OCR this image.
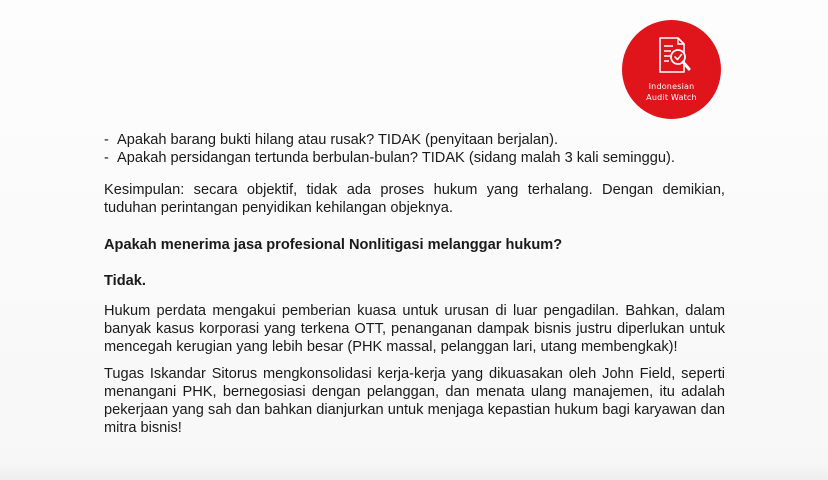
Indonesian
Audit Watch
- Apakah barang bukti hilang atau rusak? TIDAK (penyitaan berjalan).
- Apakah persidangan tertunda berbulan-bulan? TIDAK (sidang malah 3 kali seminggu).

Kesimpulan: secara objektif, tidak ada proses hukum yang terhalang. Dengan demikian, tuduhan perintangan penyidikan kehilangan objeknya.

Apakah menerima jasa profesional Nonlitigasi melanggar hukum?

Tidak.

Hukum perdata mengakui pemberian kuasa untuk urusan di luar pengadilan. Bahkan, dalam banyak kasus korporasi yang terkena OTT, penanganan dampak bisnis justru diperlukan untuk mencegah kerugian yang lebih besar (PHK massal, pelanggan lari, utang membengkak)!

Tugas Iskandar Sitorus mengkonsolidasi kerja-kerja yang dikuasakan oleh John Field, seperti menangani PHK, bernegosiasi dengan pelanggan, dan menata ulang manajemen, itu adalah pekerjaan yang sah dan bahkan dianjurkan untuk menjaga kepastian hukum bagi karyawan dan mitra bisnis!
